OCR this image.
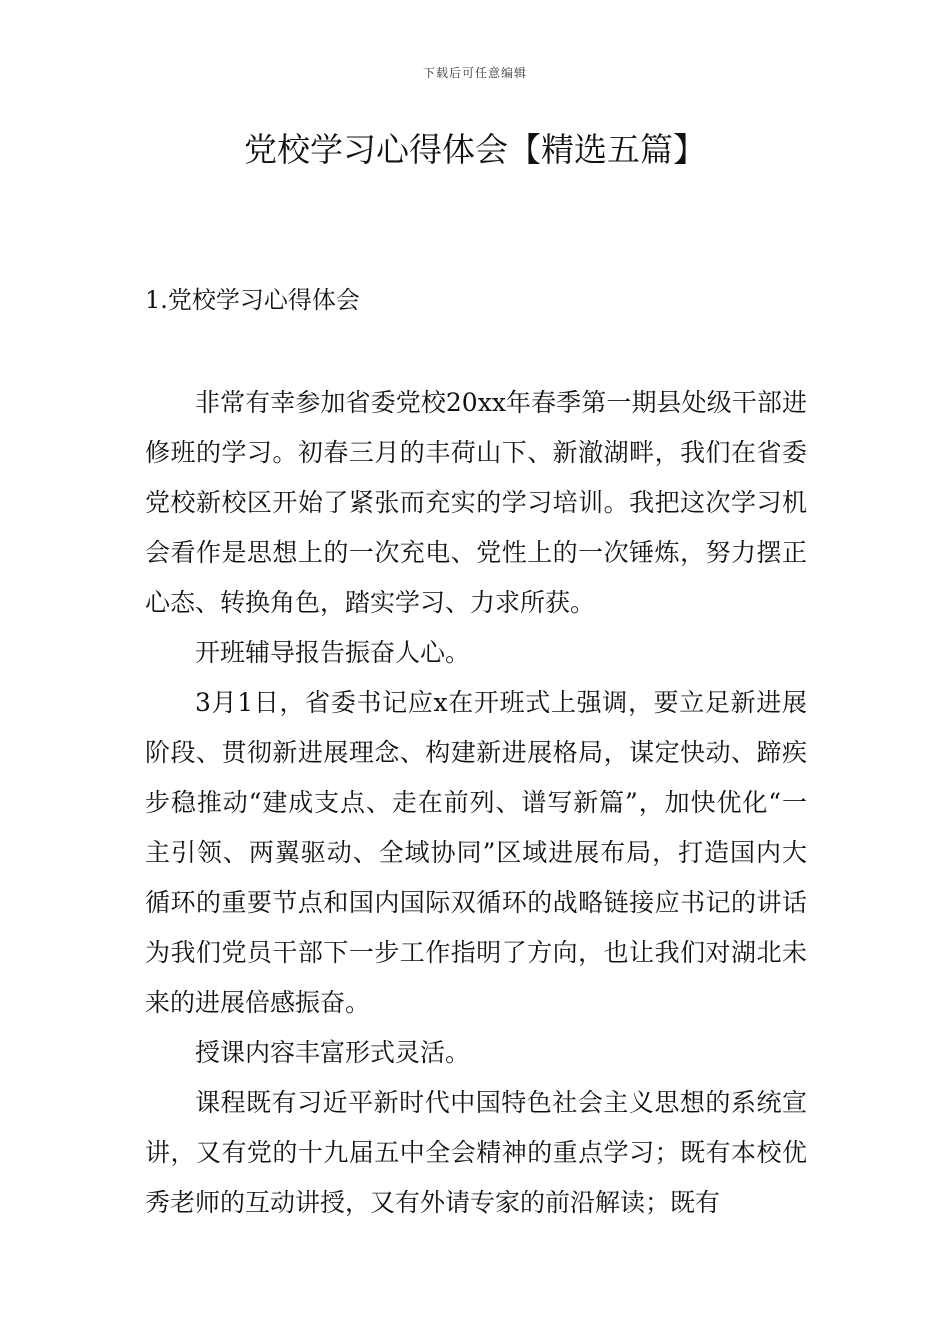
下载后可任意编辑
党校学习心得体会【精选五篇】
1.党校学习心得体会

非常有幸参加省委党校20xx年春季第一期县处级干部进修班的学习。初春三月的丰荷山下、新澈湖畔，我们在省委党校新校区开始了紧张而充实的学习培训。我把这次学习机会看作是思想上的一次充电、党性上的一次锤炼，努力摆正心态、转换角色，踏实学习、力求所获。

开班辅导报告振奋人心。

3月1日，省委书记应x在开班式上强调，要立足新进展阶段、贯彻新进展理念、构建新进展格局，谋定快动、蹄疾步稳推动“建成支点、走在前列、谱写新篇”，加快优化“一主引领、两翼驱动、全域协同”区域进展布局，打造国内大循环的重要节点和国内国际双循环的战略链接应书记的讲话为我们党员干部下一步工作指明了方向，也让我们对湖北未来的进展倍感振奋。

授课内容丰富形式灵活。

课程既有习近平新时代中国特色社会主义思想的系统宣讲，又有党的十九届五中全会精神的重点学习；既有本校优秀老师的互动讲授，又有外请专家的前沿解读；既有
